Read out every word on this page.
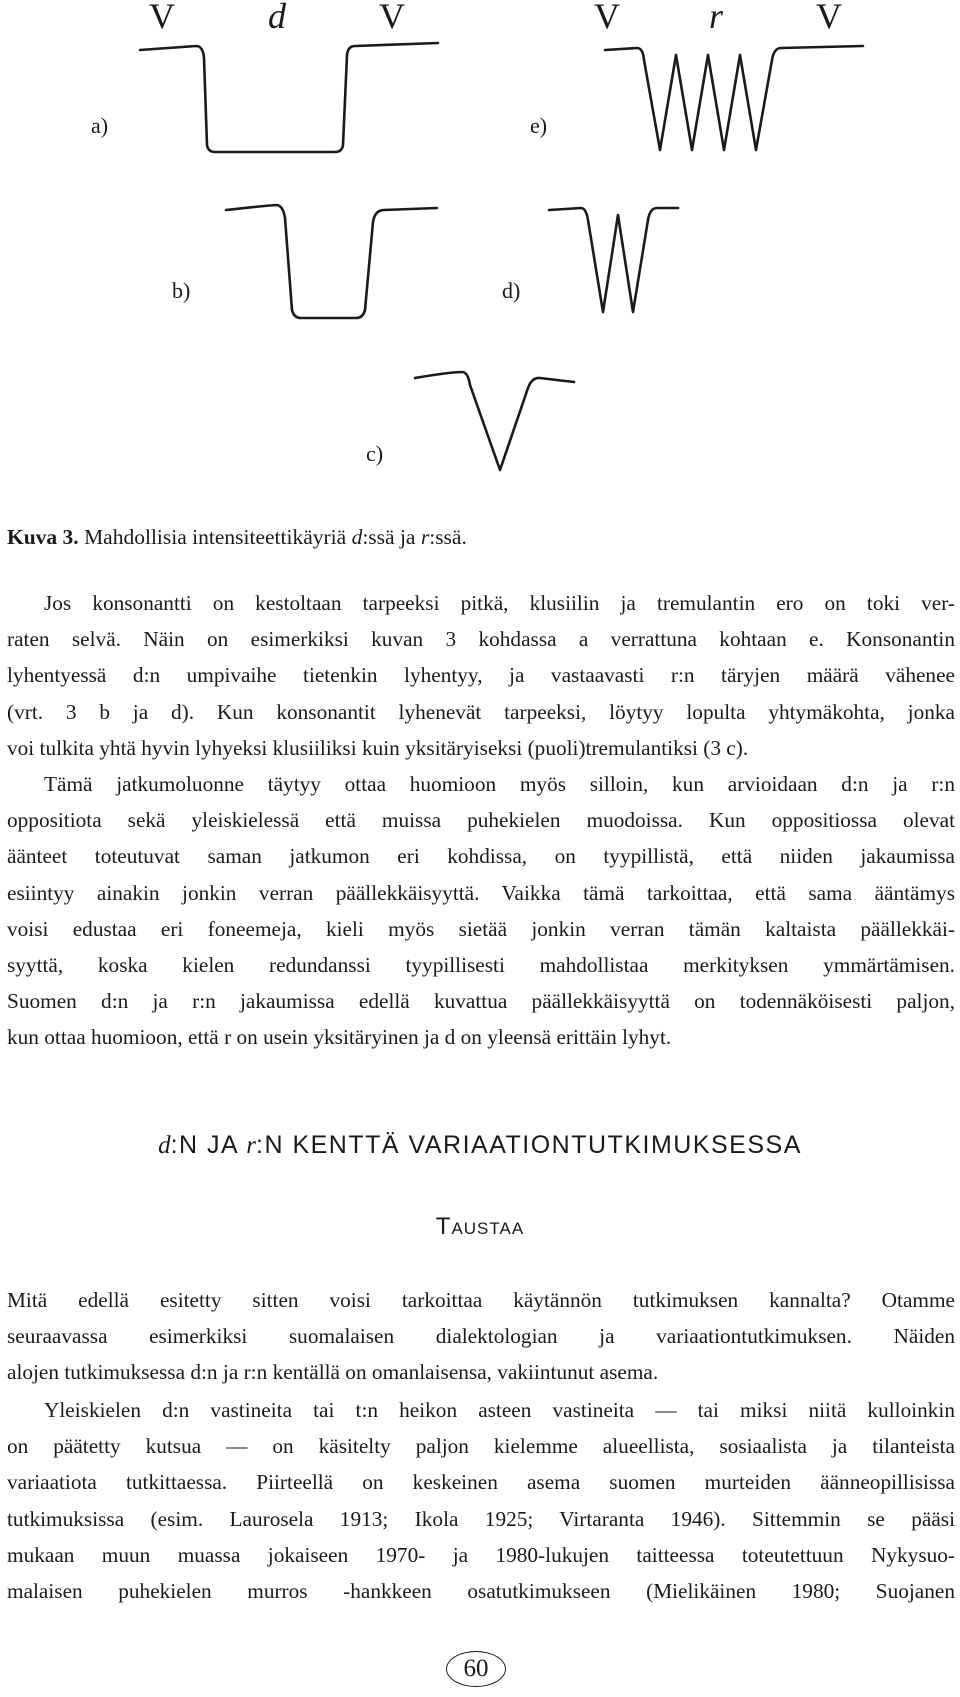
V	d	V	V r	V
a)
b)
c)
d)
e)
Kuva 3. Mahdollisia intensiteettikäyriä d:ssä ja r:ssä.
Jos konsonantti on kestoltaan tarpeeksi pitkä, klusiilin ja tremulantin ero on toki ver-
raten selvä. Näin on esimerkiksi kuvan 3 kohdassa a verrattuna kohtaan e. Konsonantin
lyhentyessä d:n umpivaihe tietenkin lyhentyy, ja vastaavasti r:n täryjen määrä vähenee
(vrt. 3 b ja d). Kun konsonantit lyhenevät tarpeeksi, löytyy lopulta yhtymäkohta, jonka
voi tulkita yhtä hyvin lyhyeksi klusiiliksi kuin yksitäryiseksi (puoli)tremulantiksi (3 c).
Tämä jatkumoluonne täytyy ottaa huomioon myös silloin, kun arvioidaan d:n ja r:n
oppositiota sekä yleiskielessä että muissa puhekielen muodoissa. Kun oppositiossa olevat
äänteet toteutuvat saman jatkumon eri kohdissa, on tyypillistä, että niiden jakaumissa
esiintyy ainakin jonkin verran päällekkäisyyttä. Vaikka tämä tarkoittaa, että sama ääntämys
voisi edustaa eri foneemeja, kieli myös sietää jonkin verran tämän kaltaista päällekkäi-
syyttä, koska kielen redundanssi tyypillisesti mahdollistaa merkityksen ymmärtämisen.
Suomen d:n ja r:n jakaumissa edellä kuvattua päällekkäisyyttä on todennäköisesti paljon,
kun ottaa huomioon, että r on usein yksitäryinen ja d on yleensä erittäin lyhyt.
d:N JA r:N KENTTÄ VARIAATIONTUTKIMUKSESSA
Taustaa
Mitä edellä esitetty sitten voisi tarkoittaa käytännön tutkimuksen kannalta? Otamme
seuraavassa esimerkiksi suomalaisen dialektologian ja variaationtutkimuksen. Näiden
alojen tutkimuksessa d:n ja r:n kentällä on omanlaisensa, vakiintunut asema.
Yleiskielen d:n vastineita tai t:n heikon asteen vastineita — tai miksi niitä kulloinkin
on päätetty kutsua — on käsitelty paljon kielemme alueellista, sosiaalista ja tilanteista
variaatiota tutkittaessa. Piirteellä on keskeinen asema suomen murteiden äänneopillisissa
tutkimuksissa (esim. Laurosela 1913; Ikola 1925; Virtaranta 1946). Sittemmin se pääsi
mukaan muun muassa jokaiseen 1970- ja 1980-lukujen taitteessa toteutettuun Nykysuo-
malaisen puhekielen murros -hankkeen osatutkimukseen (Mielikäinen 1980; Suojanen
60
